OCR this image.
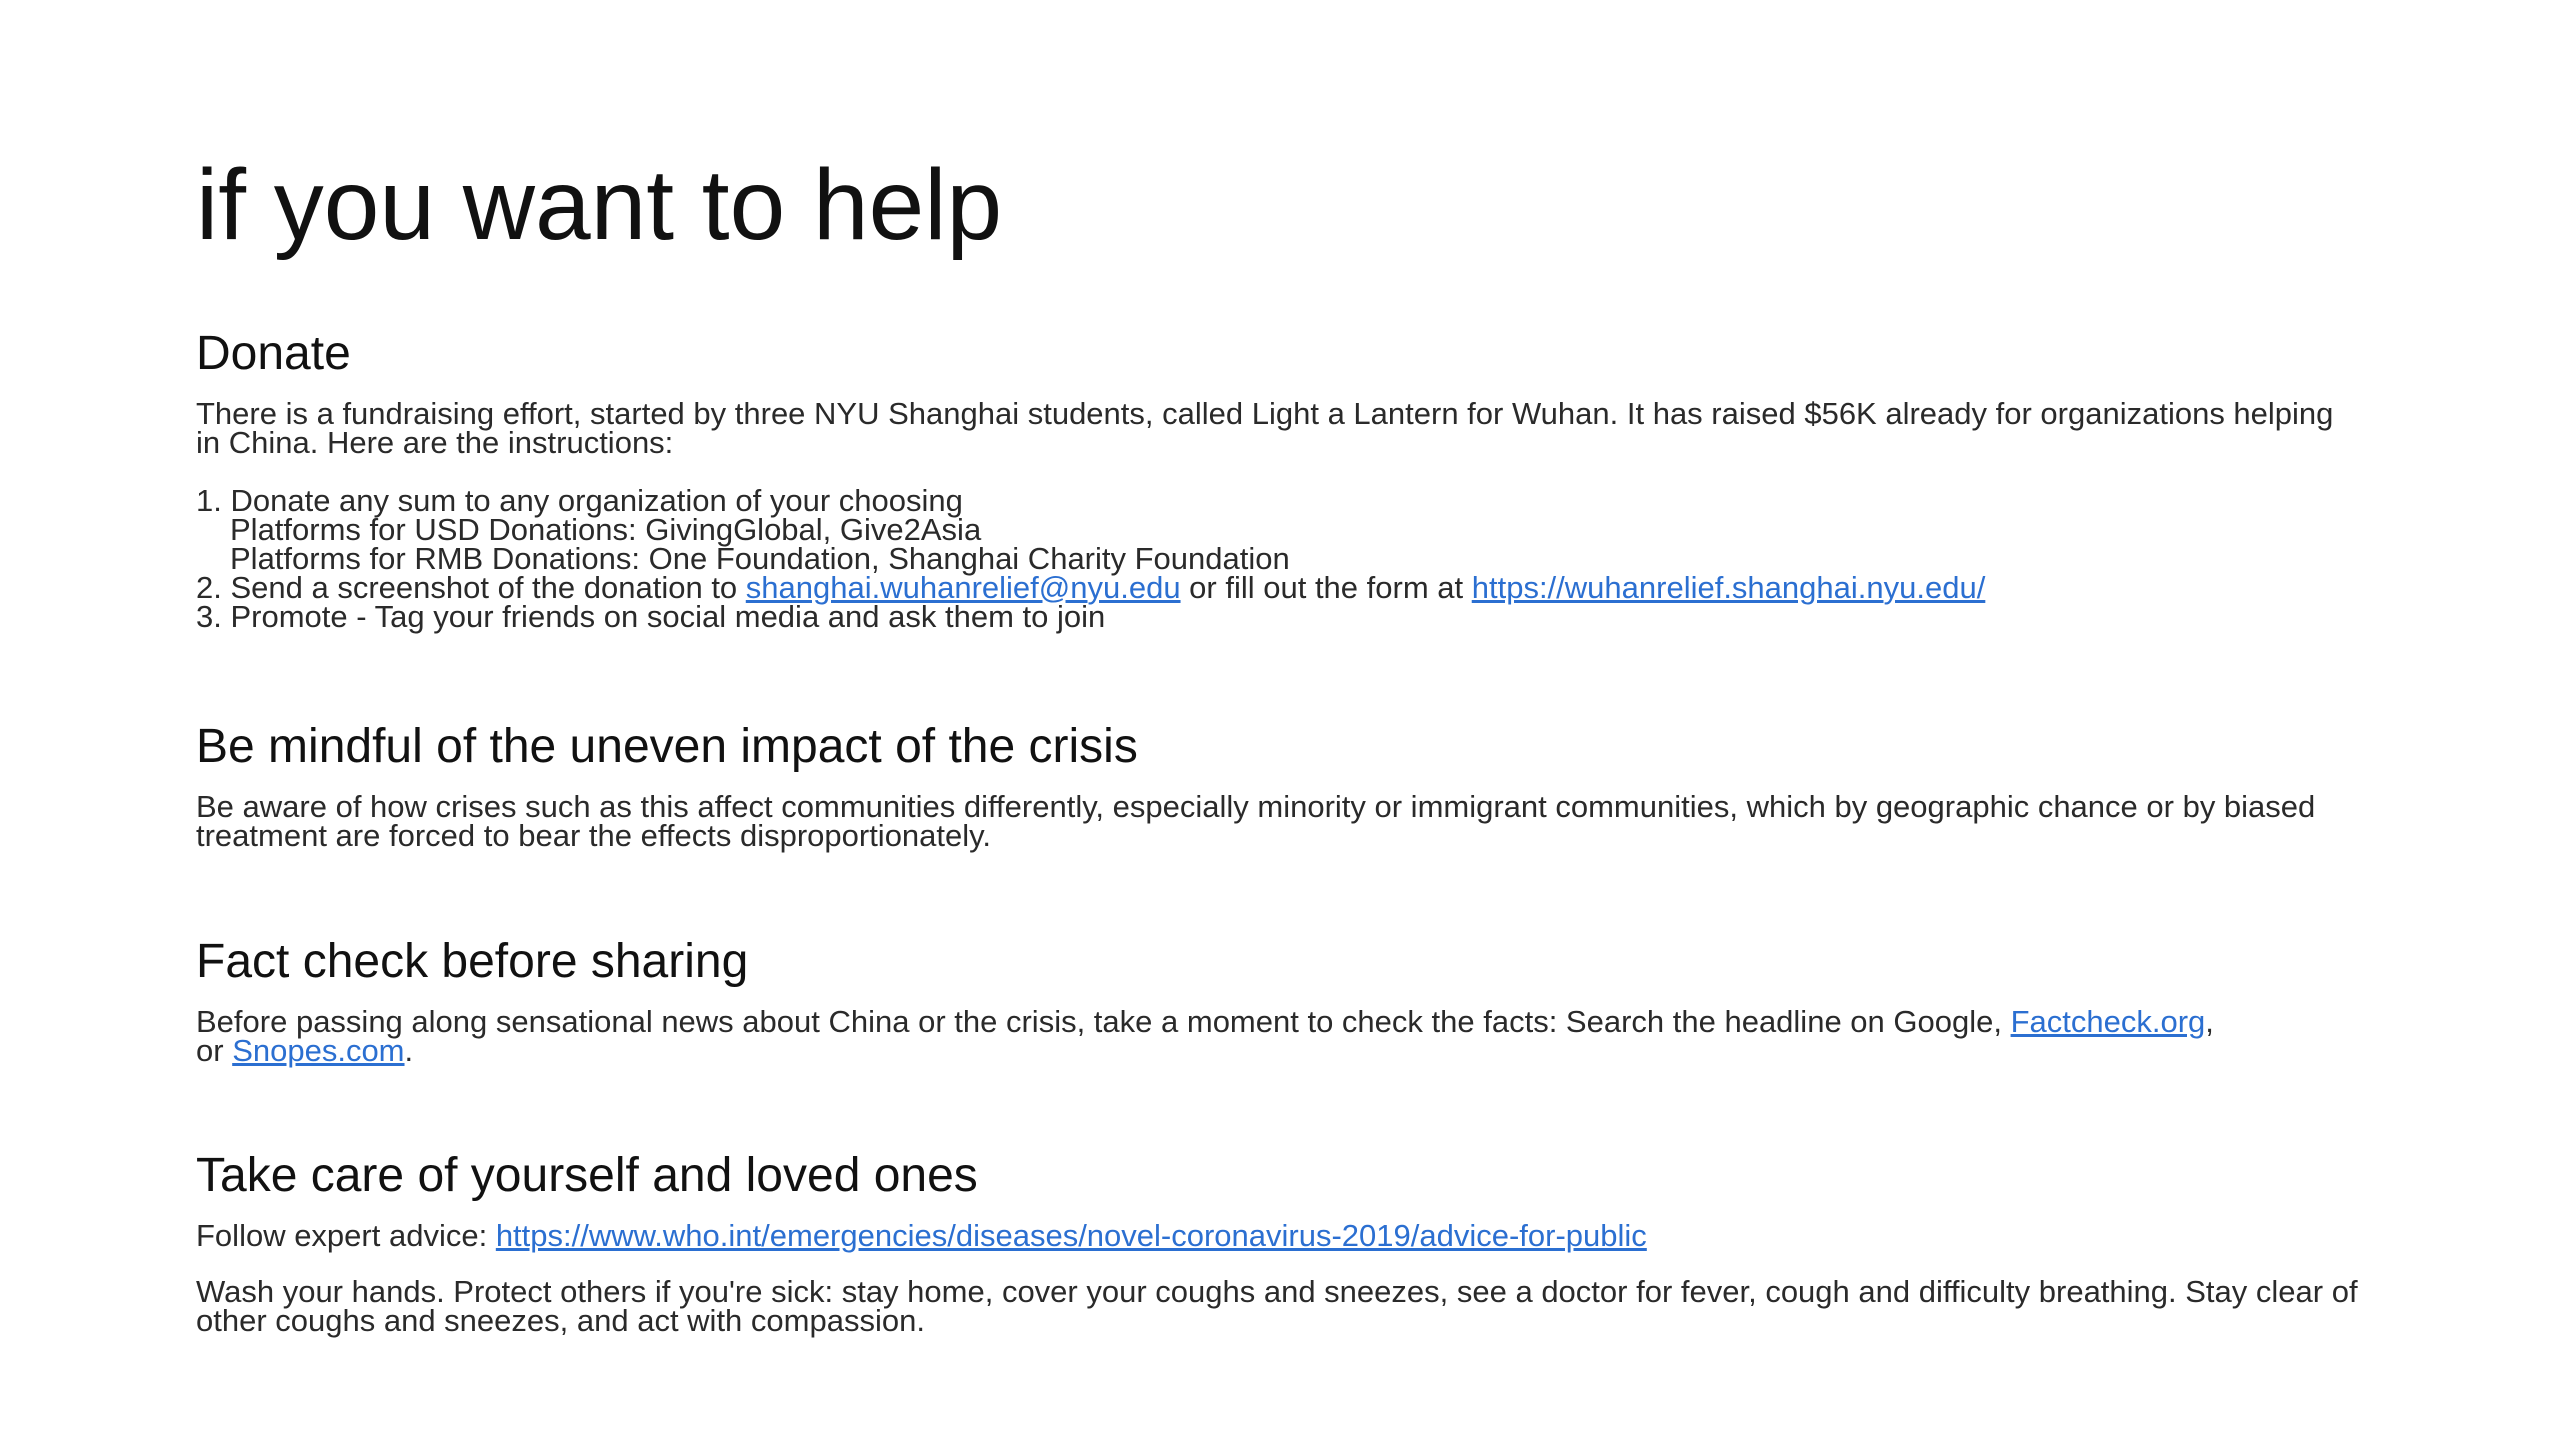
if you want to help
Donate

There is a fundraising effort, started by three NYU Shanghai students, called Light a Lantern for Wuhan. It has raised $56K already for organizations helping

in China. Here are the instructions:

1. Donate any sum to any organization of your choosing

Platforms for USD Donations: GivingGlobal, Give2Asia

Platforms for RMB Donations: One Foundation, Shanghai Charity Foundation

2. Send a screenshot of the donation to shanghai.wuhanrelief@nyu.edu or fill out the form at https://wuhanrelief.shanghai.nyu.edu/

3. Promote - Tag your friends on social media and ask them to join

Be mindful of the uneven impact of the crisis

Be aware of how crises such as this affect communities differently, especially minority or immigrant communities, which by geographic chance or by biased

treatment are forced to bear the effects disproportionately.

Fact check before sharing

Before passing along sensational news about China or the crisis, take a moment to check the facts: Search the headline on Google, Factcheck.org,

or Snopes.com.

Take care of yourself and loved ones

Follow expert advice: https://www.who.int/emergencies/diseases/novel-coronavirus-2019/advice-for-public

Wash your hands. Protect others if you're sick: stay home, cover your coughs and sneezes, see a doctor for fever, cough and difficulty breathing. Stay clear of

other coughs and sneezes, and act with compassion.
